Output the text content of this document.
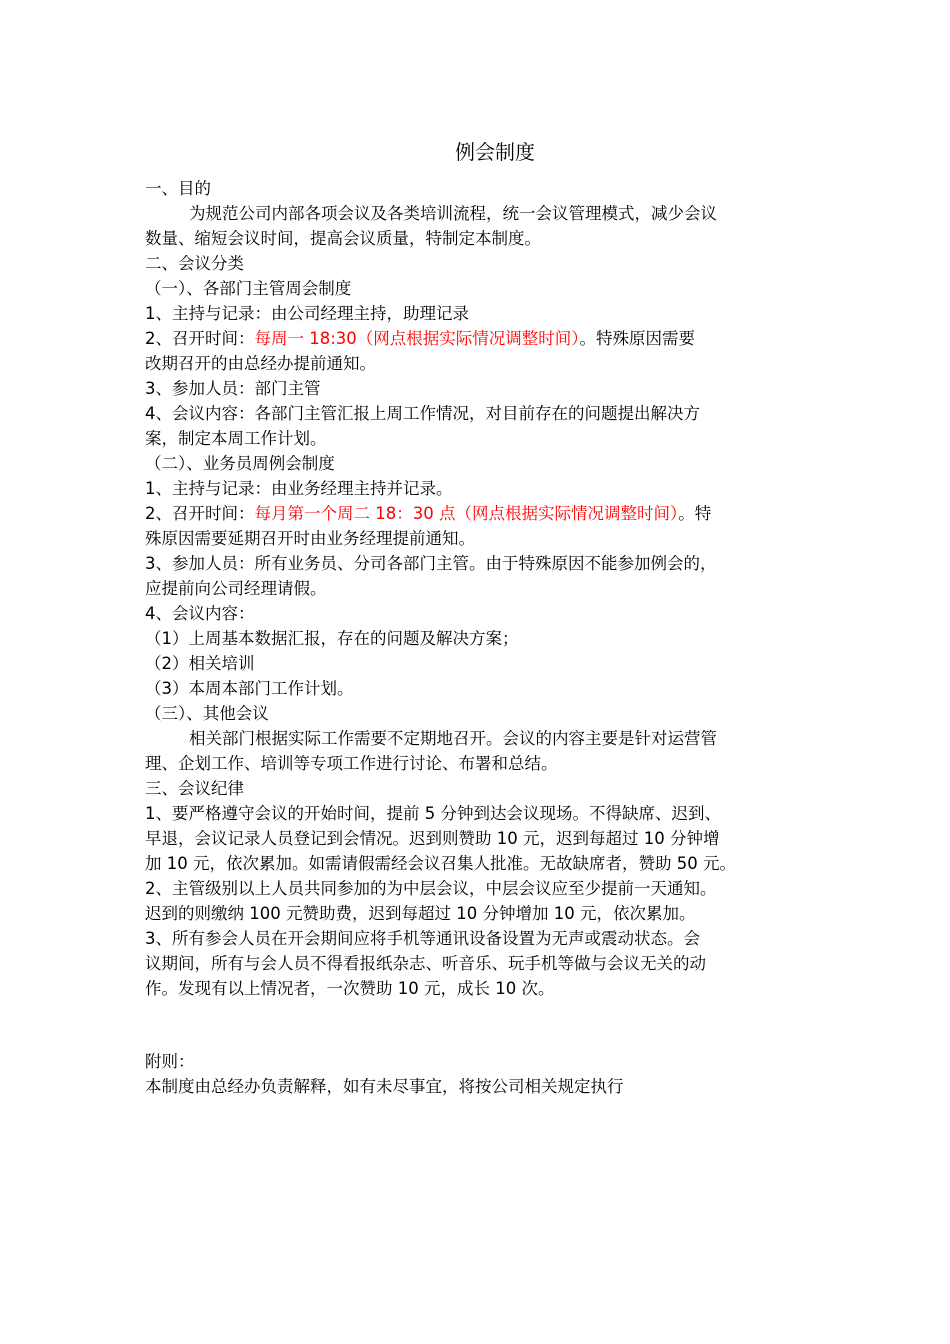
例会制度
一、目的
为规范公司内部各项会议及各类培训流程，统一会议管理模式，减少会议
数量、缩短会议时间，提高会议质量，特制定本制度。
二、会议分类
（一）、各部门主管周会制度
1、主持与记录：由公司经理主持，助理记录
2、召开时间：每周一 18:30（网点根据实际情况调整时间）。特殊原因需要
改期召开的由总经办提前通知。
3、参加人员：部门主管
4、会议内容：各部门主管汇报上周工作情况，对目前存在的问题提出解决方
案，制定本周工作计划。
（二）、业务员周例会制度
1、主持与记录：由业务经理主持并记录。
2、召开时间：每月第一个周二 18：30 点（网点根据实际情况调整时间）。特
殊原因需要延期召开时由业务经理提前通知。
3、参加人员：所有业务员、分司各部门主管。由于特殊原因不能参加例会的，
应提前向公司经理请假。
4、会议内容：
（1）上周基本数据汇报，存在的问题及解决方案；
（2）相关培训
（3）本周本部门工作计划。
（三）、其他会议
相关部门根据实际工作需要不定期地召开。会议的内容主要是针对运营管
理、企划工作、培训等专项工作进行讨论、布署和总结。
三、会议纪律
1、要严格遵守会议的开始时间，提前 5 分钟到达会议现场。不得缺席、迟到、
早退，会议记录人员登记到会情况。迟到则赞助 10 元，迟到每超过 10 分钟增
加 10 元，依次累加。如需请假需经会议召集人批准。无故缺席者，赞助 50 元。
2、主管级别以上人员共同参加的为中层会议，中层会议应至少提前一天通知。
迟到的则缴纳 100 元赞助费，迟到每超过 10 分钟增加 10 元，依次累加。
3、所有参会人员在开会期间应将手机等通讯设备设置为无声或震动状态。会
议期间，所有与会人员不得看报纸杂志、听音乐、玩手机等做与会议无关的动
作。发现有以上情况者，一次赞助 10 元，成长 10 次。
附则：
本制度由总经办负责解释，如有未尽事宜，将按公司相关规定执行
